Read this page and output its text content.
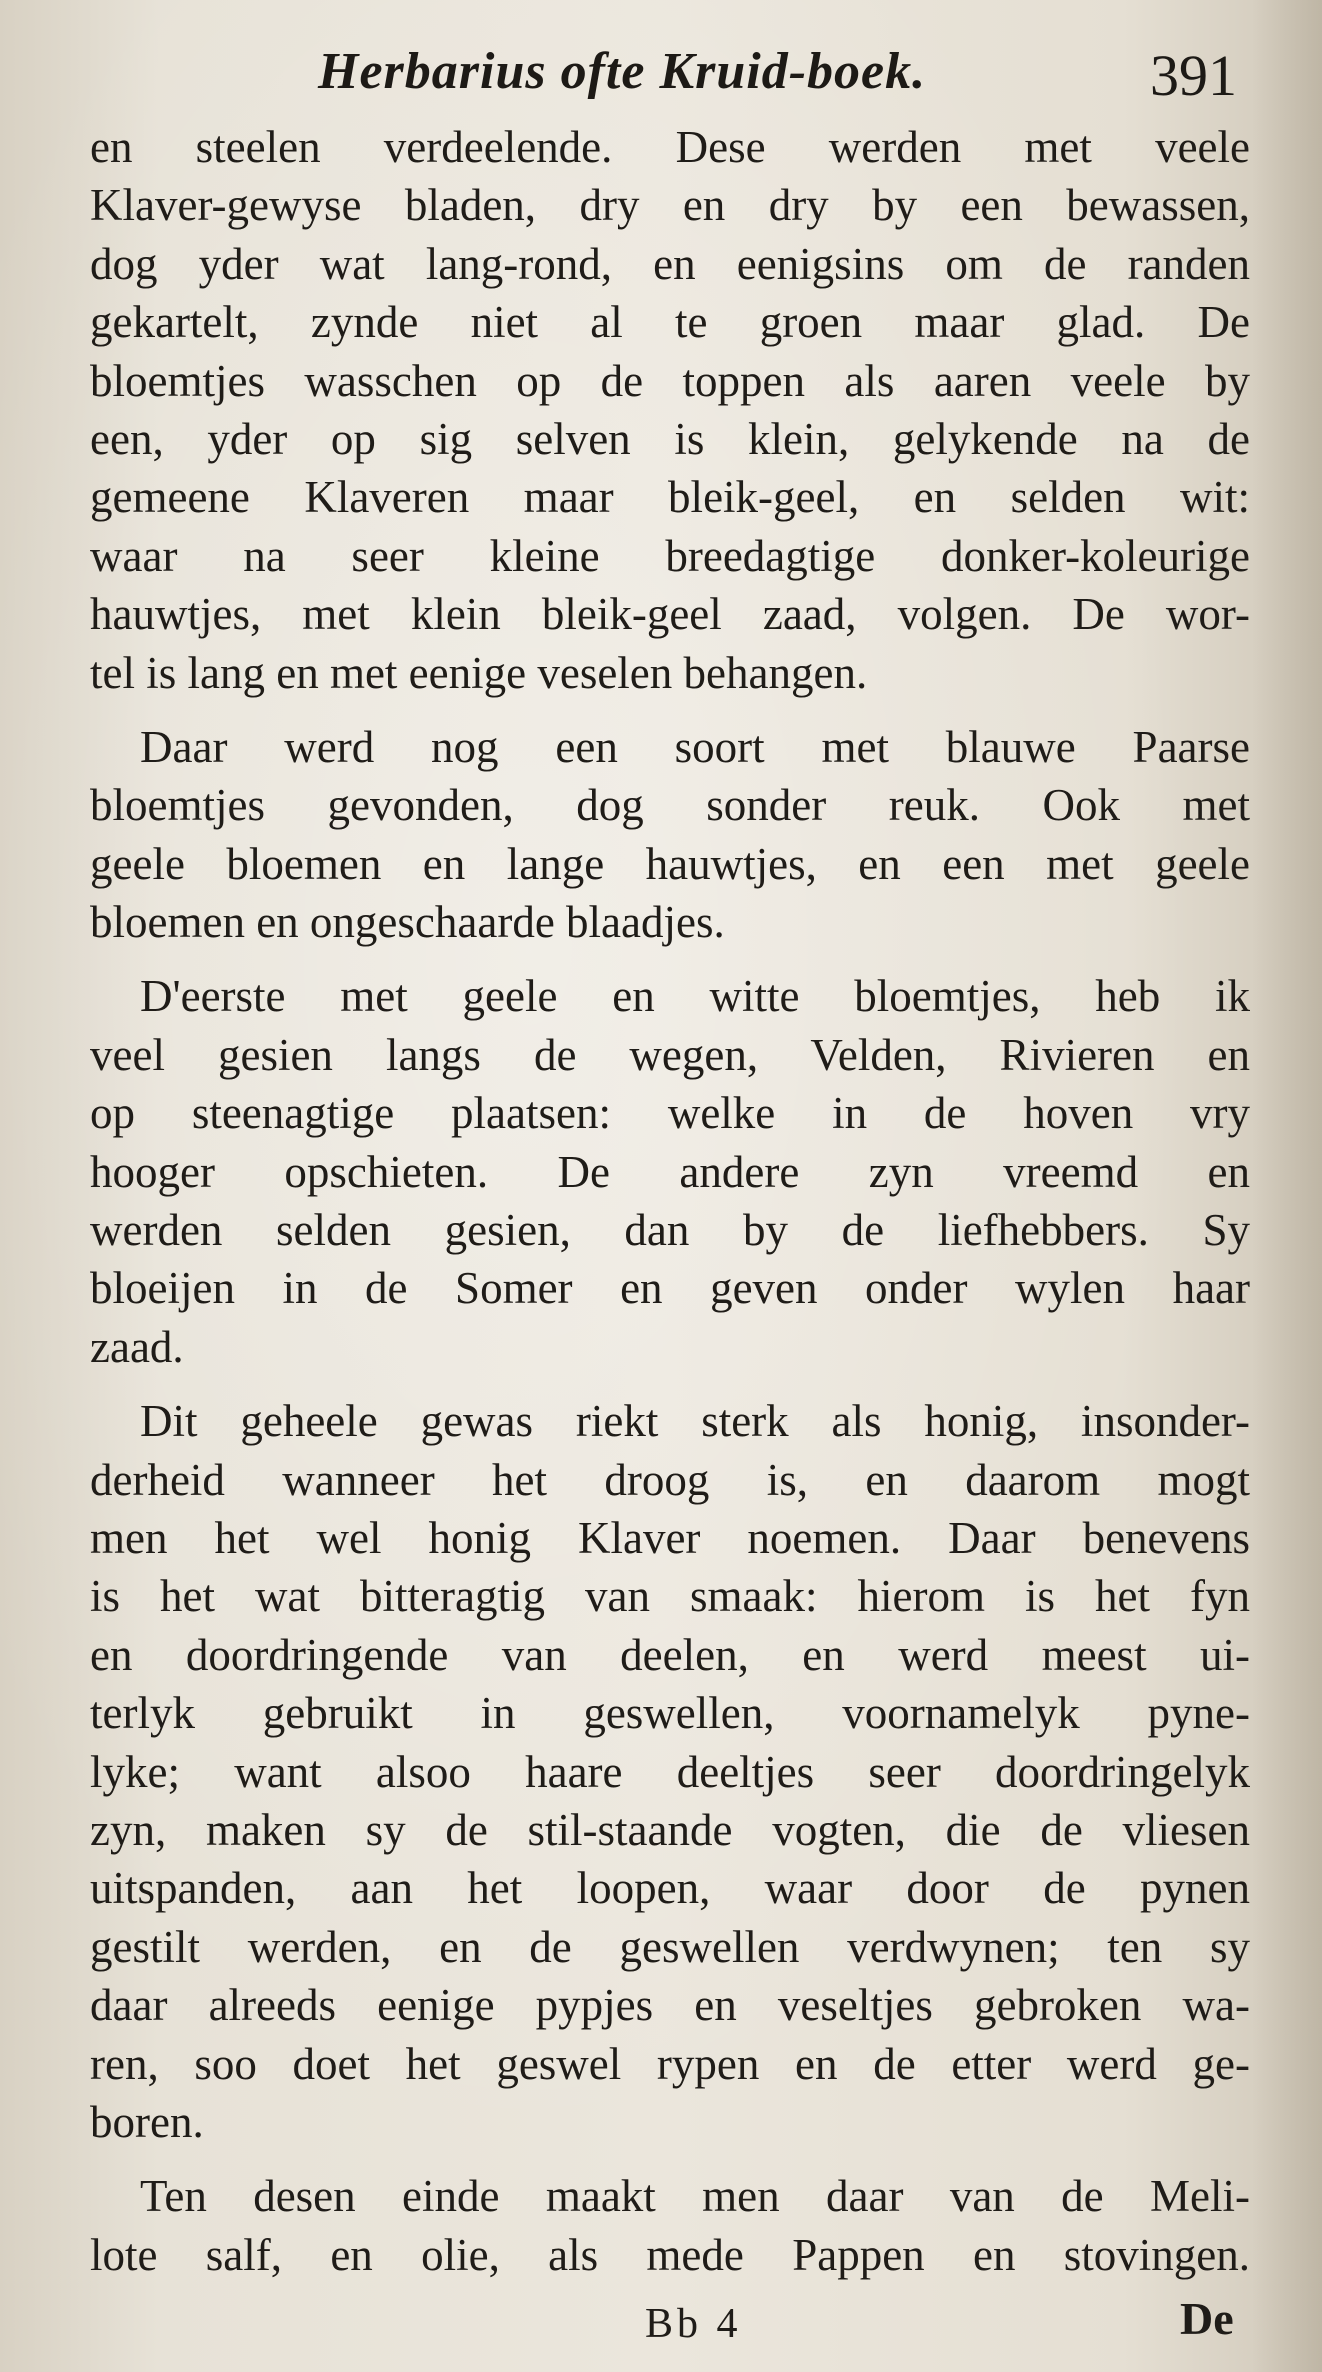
Herbarius ofte Kruid-boek.	391
en steelen verdeelende. Dese werden met veele
Klaver-gewyse bladen, dry en dry by een bewassen,
dog yder wat lang-rond, en eenigsins om de randen
gekartelt, zynde niet al te groen maar glad. De
bloemtjes wasschen op de toppen als aaren veele by
een, yder op sig selven is klein, gelykende na de
gemeene Klaveren maar bleik-geel, en selden wit:
waar na seer kleine breedagtige donker-koleurige
hauwtjes, met klein bleik-geel zaad, volgen. De wor-
tel is lang en met eenige veselen behangen.
Daar werd nog een soort met blauwe Paarse
bloemtjes gevonden, dog sonder reuk. Ook met
geele bloemen en lange hauwtjes, en een met geele
bloemen en ongeschaarde blaadjes.
D'eerste met geele en witte bloemtjes, heb ik
veel gesien langs de wegen, Velden, Rivieren en
op steenagtige plaatsen: welke in de hoven vry
hooger opschieten. De andere zyn vreemd en
werden selden gesien, dan by de liefhebbers. Sy
bloeijen in de Somer en geven onder wylen haar
zaad.
Dit geheele gewas riekt sterk als honig, insonder-
derheid wanneer het droog is, en daarom mogt
men het wel honig Klaver noemen. Daar benevens
is het wat bitteragtig van smaak: hierom is het fyn
en doordringende van deelen, en werd meest ui-
terlyk gebruikt in geswellen, voornamelyk pyne-
lyke; want alsoo haare deeltjes seer doordringelyk
zyn, maken sy de stil-staande vogten, die de vliesen
uitspanden, aan het loopen, waar door de pynen
gestilt werden, en de geswellen verdwynen; ten sy
daar alreeds eenige pypjes en veseltjes gebroken wa-
ren, soo doet het geswel rypen en de etter werd ge-
boren.
Ten desen einde maakt men daar van de Meli-
lote salf, en olie, als mede Pappen en stovingen.
Bb 4	De
